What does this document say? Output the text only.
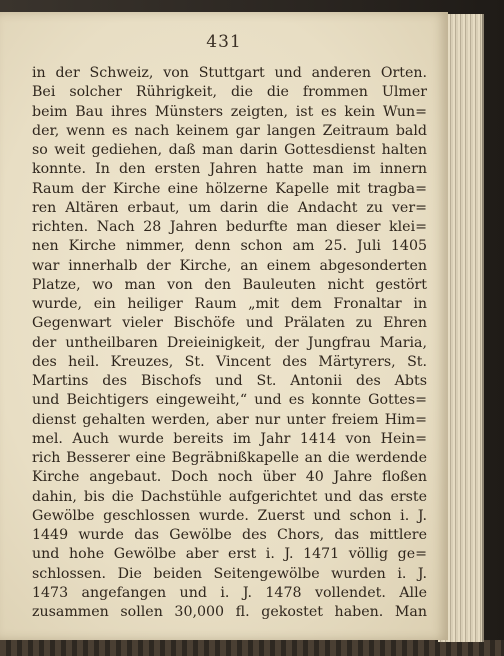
431
in der Schweiz, von Stuttgart und anderen Orten.
Bei solcher Rührigkeit, die die frommen Ulmer
beim Bau ihres Münsters zeigten, ist es kein Wun=
der, wenn es nach keinem gar langen Zeitraum bald
so weit gediehen, daß man darin Gottesdienst halten
konnte. In den ersten Jahren hatte man im innern
Raum der Kirche eine hölzerne Kapelle mit tragba=
ren Altären erbaut, um darin die Andacht zu ver=
richten. Nach 28 Jahren bedurfte man dieser klei=
nen Kirche nimmer, denn schon am 25. Juli 1405
war innerhalb der Kirche, an einem abgesonderten
Platze, wo man von den Bauleuten nicht gestört
wurde, ein heiliger Raum „mit dem Fronaltar in
Gegenwart vieler Bischöfe und Prälaten zu Ehren
der untheilbaren Dreieinigkeit, der Jungfrau Maria,
des heil. Kreuzes, St. Vincent des Märtyrers, St.
Martins des Bischofs und St. Antonii des Abts
und Beichtigers eingeweiht,“ und es konnte Gottes=
dienst gehalten werden, aber nur unter freiem Him=
mel. Auch wurde bereits im Jahr 1414 von Hein=
rich Besserer eine Begräbnißkapelle an die werdende
Kirche angebaut. Doch noch über 40 Jahre floßen
dahin, bis die Dachstühle aufgerichtet und das erste
Gewölbe geschlossen wurde. Zuerst und schon i. J.
1449 wurde das Gewölbe des Chors, das mittlere
und hohe Gewölbe aber erst i. J. 1471 völlig ge=
schlossen. Die beiden Seitengewölbe wurden i. J.
1473 angefangen und i. J. 1478 vollendet. Alle
zusammen sollen 30,000 fl. gekostet haben. Man
